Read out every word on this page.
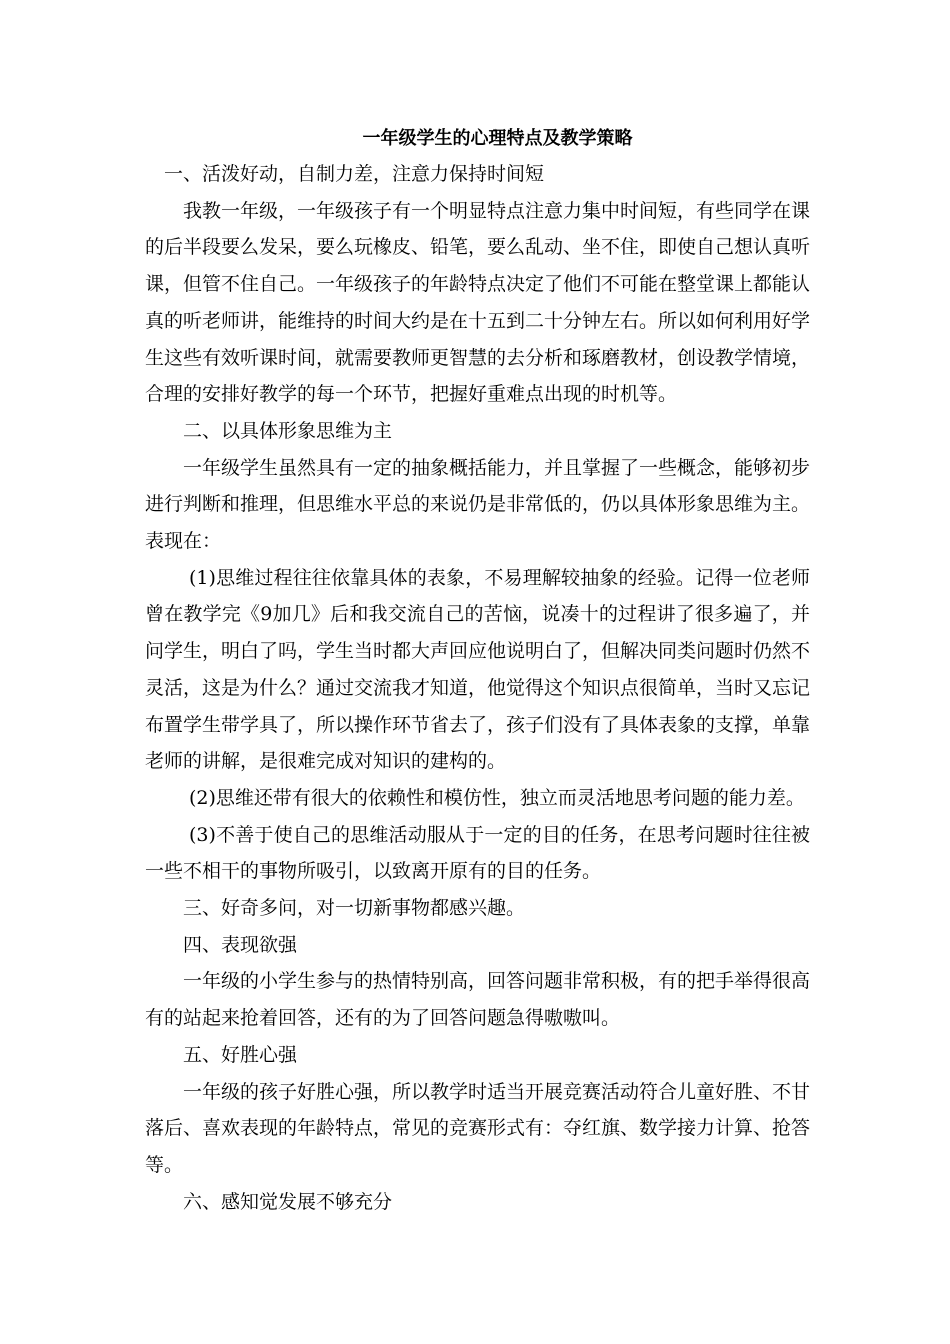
一年级学生的心理特点及教学策略

一、活泼好动，自制力差，注意力保持时间短

我教一年级，一年级孩子有一个明显特点注意力集中时间短，有些同学在课的后半段要么发呆，要么玩橡皮、铅笔，要么乱动、坐不住，即使自己想认真听课，但管不住自己。一年级孩子的年龄特点决定了他们不可能在整堂课上都能认真的听老师讲，能维持的时间大约是在十五到二十分钟左右。所以如何利用好学生这些有效听课时间，就需要教师更智慧的去分析和琢磨教材，创设教学情境，合理的安排好教学的每一个环节，把握好重难点出现的时机等。

二、以具体形象思维为主

一年级学生虽然具有一定的抽象概括能力，并且掌握了一些概念，能够初步进行判断和推理，但思维水平总的来说仍是非常低的，仍以具体形象思维为主。表现在：

(1)思维过程往往依靠具体的表象，不易理解较抽象的经验。记得一位老师曾在教学完《9加几》后和我交流自己的苦恼，说凑十的过程讲了很多遍了，并问学生，明白了吗，学生当时都大声回应他说明白了，但解决同类问题时仍然不灵活，这是为什么？通过交流我才知道，他觉得这个知识点很简单，当时又忘记布置学生带学具了，所以操作环节省去了，孩子们没有了具体表象的支撑，单靠老师的讲解，是很难完成对知识的建构的。

(2)思维还带有很大的依赖性和模仿性，独立而灵活地思考问题的能力差。

(3)不善于使自己的思维活动服从于一定的目的任务，在思考问题时往往被一些不相干的事物所吸引，以致离开原有的目的任务。

三、好奇多问，对一切新事物都感兴趣。

四、表现欲强

一年级的小学生参与的热情特别高，回答问题非常积极，有的把手举得很高有的站起来抢着回答，还有的为了回答问题急得嗷嗷叫。

五、好胜心强

一年级的孩子好胜心强，所以教学时适当开展竞赛活动符合儿童好胜、不甘落后、喜欢表现的年龄特点，常见的竞赛形式有：夺红旗、数学接力计算、抢答等。

六、感知觉发展不够充分
